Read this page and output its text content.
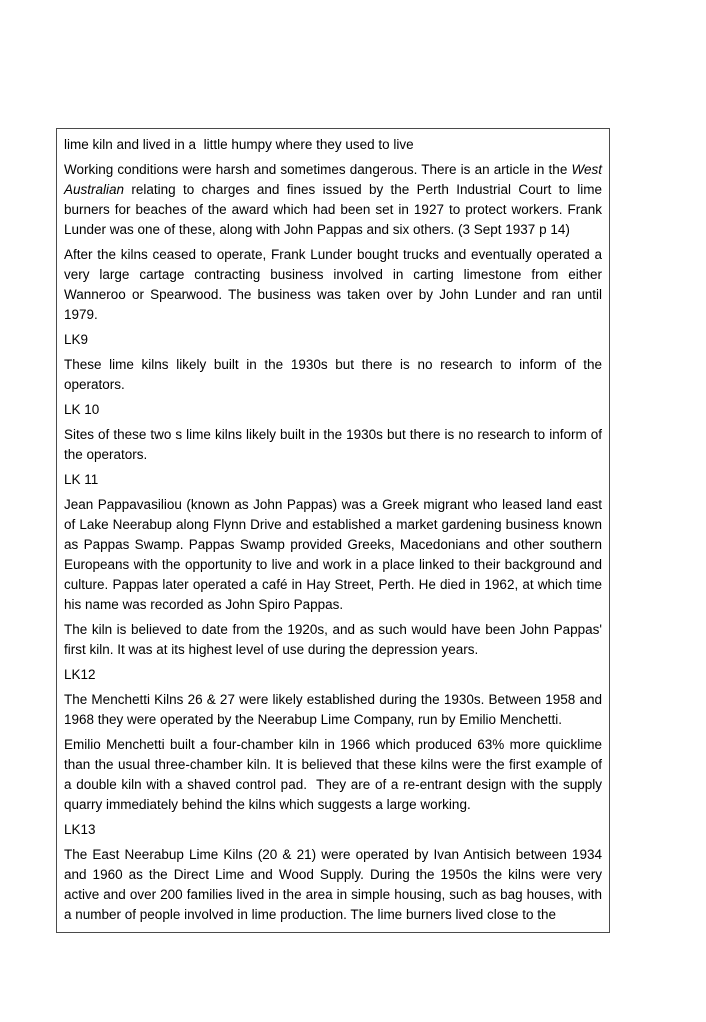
lime kiln and lived in a  little humpy where they used to live

Working conditions were harsh and sometimes dangerous. There is an article in the West Australian relating to charges and fines issued by the Perth Industrial Court to lime burners for beaches of the award which had been set in 1927 to protect workers. Frank Lunder was one of these, along with John Pappas and six others. (3 Sept 1937 p 14)

After the kilns ceased to operate, Frank Lunder bought trucks and eventually operated a very large cartage contracting business involved in carting limestone from either Wanneroo or Spearwood. The business was taken over by John Lunder and ran until 1979.

LK9

These lime kilns likely built in the 1930s but there is no research to inform of the operators.

LK 10

Sites of these two s lime kilns likely built in the 1930s but there is no research to inform of the operators.

LK 11

Jean Pappavasiliou (known as John Pappas) was a Greek migrant who leased land east of Lake Neerabup along Flynn Drive and established a market gardening business known as Pappas Swamp. Pappas Swamp provided Greeks, Macedonians and other southern Europeans with the opportunity to live and work in a place linked to their background and culture. Pappas later operated a café in Hay Street, Perth. He died in 1962, at which time his name was recorded as John Spiro Pappas.

The kiln is believed to date from the 1920s, and as such would have been John Pappas' first kiln. It was at its highest level of use during the depression years.

LK12

The Menchetti Kilns 26 & 27 were likely established during the 1930s. Between 1958 and 1968 they were operated by the Neerabup Lime Company, run by Emilio Menchetti.

Emilio Menchetti built a four-chamber kiln in 1966 which produced 63% more quicklime than the usual three-chamber kiln. It is believed that these kilns were the first example of a double kiln with a shaved control pad.  They are of a re-entrant design with the supply quarry immediately behind the kilns which suggests a large working.

LK13

The East Neerabup Lime Kilns (20 & 21) were operated by Ivan Antisich between 1934 and 1960 as the Direct Lime and Wood Supply. During the 1950s the kilns were very active and over 200 families lived in the area in simple housing, such as bag houses, with a number of people involved in lime production. The lime burners lived close to the
